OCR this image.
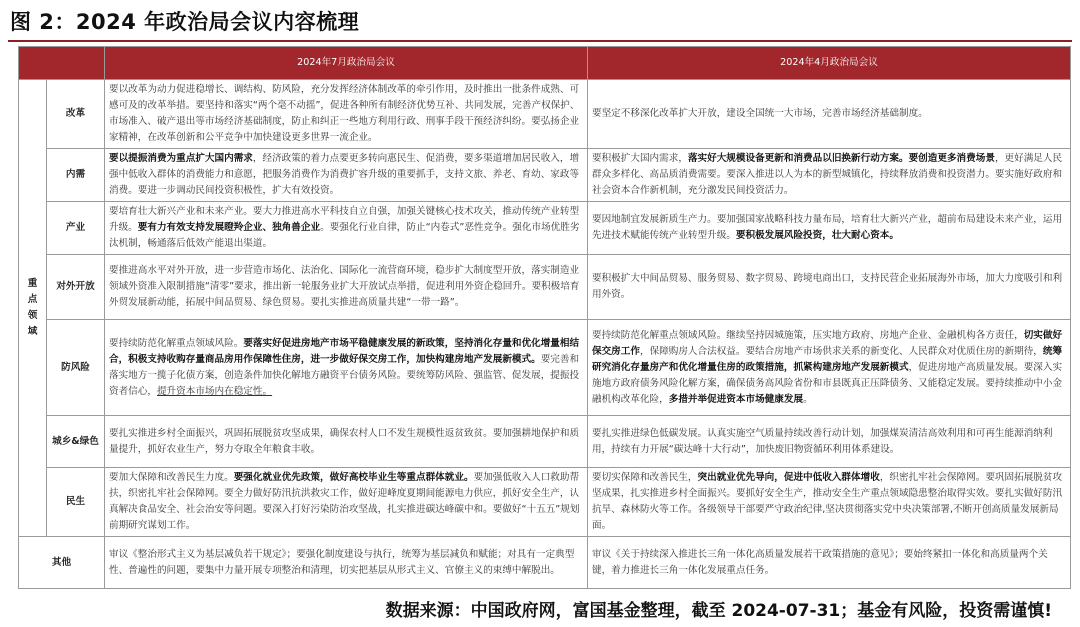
图 2：2024 年政治局会议内容梳理
		2024年7月政治局会议	2024年4月政治局会议

重
点
领
域	改革	要以改革为动力促进稳增长、调结构、防风险，充分发挥经济体制改革的牵引作用，及时推出一批条件成熟、可感可及的改革举措。要坚持和落实“两个毫不动摇”，促进各种所有制经济优势互补、共同发展，完善产权保护、市场准入、破产退出等市场经济基础制度，防止和纠正一些地方利用行政、刑事手段干预经济纠纷。要弘扬企业家精神，在改革创新和公平竞争中加快建设更多世界一流企业。	要坚定不移深化改革扩大开放，建设全国统一大市场，完善市场经济基础制度。
	内需	要以提振消费为重点扩大国内需求，经济政策的着力点要更多转向惠民生、促消费，要多渠道增加居民收入，增强中低收入群体的消费能力和意愿，把服务消费作为消费扩容升级的重要抓手，支持文旅、养老、育幼、家政等消费。要进一步调动民间投资积极性，扩大有效投资。	要积极扩大国内需求，落实好大规模设备更新和消费品以旧换新行动方案。要创造更多消费场景，更好满足人民群众多样化、高品质消费需要。要深入推进以人为本的新型城镇化，持续释放消费和投资潜力。要实施好政府和社会资本合作新机制，充分激发民间投资活力。
	产业	要培育壮大新兴产业和未来产业。要大力推进高水平科技自立自强，加强关键核心技术攻关，推动传统产业转型升级。要有力有效支持发展瞪羚企业、独角兽企业。要强化行业自律，防止“内卷式”恶性竞争。强化市场优胜劣汰机制，畅通落后低效产能退出渠道。	要因地制宜发展新质生产力。要加强国家战略科技力量布局，培育壮大新兴产业，超前布局建设未来产业，运用先进技术赋能传统产业转型升级。要积极发展风险投资，壮大耐心资本。
	对外开放	要推进高水平对外开放，进一步营造市场化、法治化、国际化一流营商环境，稳步扩大制度型开放，落实制造业领域外资准入限制措施“清零”要求，推出新一轮服务业扩大开放试点举措，促进利用外资企稳回升。要积极培育外贸发展新动能，拓展中间品贸易、绿色贸易。要扎实推进高质量共建“一带一路”。	要积极扩大中间品贸易、服务贸易、数字贸易、跨境电商出口，支持民营企业拓展海外市场，加大力度吸引和利用外资。
	防风险	要持续防范化解重点领域风险。要落实好促进房地产市场平稳健康发展的新政策，坚持消化存量和优化增量相结合，积极支持收购存量商品房用作保障性住房，进一步做好保交房工作，加快构建房地产发展新模式。要完善和落实地方一揽子化债方案，创造条件加快化解地方融资平台债务风险。要统筹防风险、强监管、促发展，提振投资者信心，提升资本市场内在稳定性。	要持续防范化解重点领域风险。继续坚持因城施策，压实地方政府、房地产企业、金融机构各方责任，切实做好保交房工作，保障购房人合法权益。要结合房地产市场供求关系的新变化、人民群众对优质住房的新期待，统筹研究消化存量房产和优化增量住房的政策措施，抓紧构建房地产发展新模式，促进房地产高质量发展。要深入实施地方政府债务风险化解方案，确保债务高风险省份和市县既真正压降债务、又能稳定发展。要持续推动中小金融机构改革化险，多措并举促进资本市场健康发展。
	城乡&绿色	要扎实推进乡村全面振兴，巩固拓展脱贫攻坚成果，确保农村人口不发生规模性返贫致贫。要加强耕地保护和质量提升，抓好农业生产，努力夺取全年粮食丰收。	要扎实推进绿色低碳发展。认真实施空气质量持续改善行动计划，加强煤炭清洁高效利用和可再生能源消纳利用，持续有力开展“碳达峰十大行动”，加快废旧物资循环利用体系建设。
	民生	要加大保障和改善民生力度。要强化就业优先政策，做好高校毕业生等重点群体就业。要加强低收入人口救助帮扶，织密扎牢社会保障网。要全力做好防汛抗洪救灾工作，做好迎峰度夏期间能源电力供应，抓好安全生产，认真解决食品安全、社会治安等问题。要深入打好污染防治攻坚战，扎实推进碳达峰碳中和。要做好“十五五”规划前期研究谋划工作。	要切实保障和改善民生，突出就业优先导向，促进中低收入群体增收，织密扎牢社会保障网。要巩固拓展脱贫攻坚成果，扎实推进乡村全面振兴。要抓好安全生产，推动安全生产重点领域隐患整治取得实效。要扎实做好防汛抗旱、森林防火等工作。各级领导干部要严守政治纪律,坚决贯彻落实党中央决策部署,不断开创高质量发展新局面。
其他		审议《整治形式主义为基层减负若干规定》；要强化制度建设与执行，统筹为基层减负和赋能；对具有一定典型性、普遍性的问题，要集中力量开展专项整治和清理，切实把基层从形式主义、官僚主义的束缚中解脱出。	审议《关于持续深入推进长三角一体化高质量发展若干政策措施的意见》；要始终紧扣一体化和高质量两个关键，着力推进长三角一体化发展重点任务。
数据来源：中国政府网，富国基金整理，截至 2024-07-31；基金有风险，投资需谨慎!
